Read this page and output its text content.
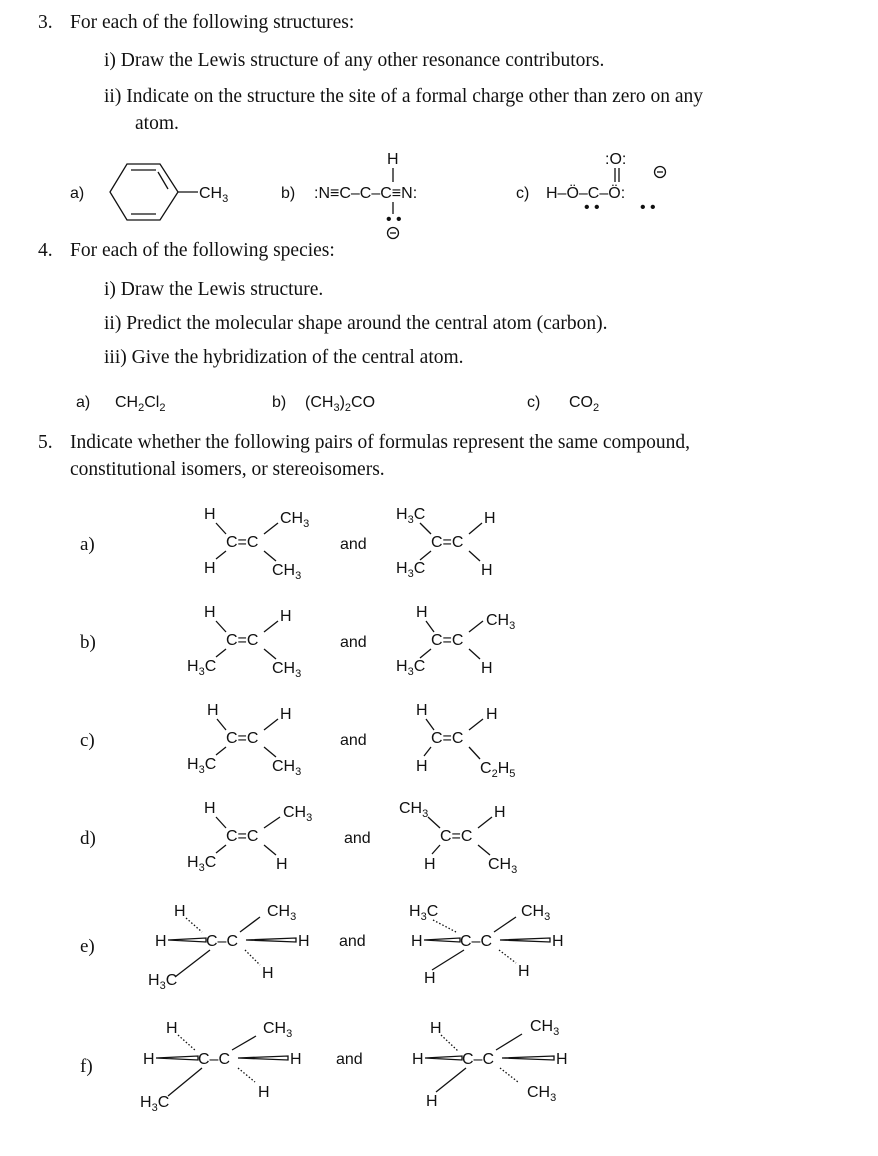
3. For each of the following structures:
i) Draw the Lewis structure of any other resonance contributors.
ii) Indicate on the structure the site of a formal charge other than zero on any
atom.
4. For each of the following species:
i) Draw the Lewis structure.
ii) Predict the molecular shape around the central atom (carbon).
iii) Give the hybridization of the central atom.
5. Indicate whether the following pairs of formulas represent the same compound,
constitutional isomers, or stereoisomers.
a)	$CH_3$	b) :N≡C–C–C≡N:
H
• •
c) H–Ö–C–Ö:
:O:
• •	• •
a) $CH_2Cl_2$	b) $(CH_3)_2CO$	c) $CO_2$
a)
H
C=C
H
$CH_3$
$CH_3$
and
$H_3C$
C=C
$H_3C$
H
H
b)
H
C=C
$H_3C$
H
$CH_3$
and
H
C=C
$H_3C$
$CH_3$
H
c)
H
C=C
$H_3C$
H
$CH_3$
and
H
C=C
H
H
$C_2H_5$
d)
H
C=C
$H_3C$
$CH_3$
H
and
$CH_3$
C=C
H
H
$CH_3$
e)
H
H C–C
$H_3C$
$CH_3$
H
H
and
$H_3C$
H C–C
H
$CH_3$
H
H
f)
H
H	C–C
$H_3C$
$CH_3$
H
H
and
H
H C–C
H
$CH_3$
H
$CH_3$
